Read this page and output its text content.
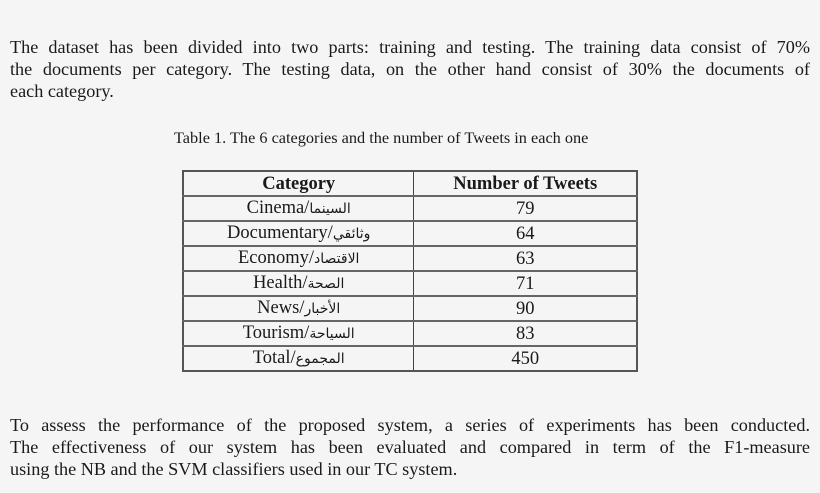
The dataset has been divided into two parts: training and testing. The training data consist of 70%
the documents per category. The testing data, on the other hand consist of 30% the documents of
each category.

Table 1. The 6 categories and the number of Tweets in each one
Category	Number of Tweets
Cinema/السينما	79
Documentary/وثائقي	64
Economy/الاقتصاد	63
Health/الصحة	71
News/الأخبار	90
Tourism/السياحة	83
Total/المجموع	450

To assess the performance of the proposed system, a series of experiments has been conducted.
The effectiveness of our system has been evaluated and compared in term of the F1-measure
using the NB and the SVM classifiers used in our TC system.
